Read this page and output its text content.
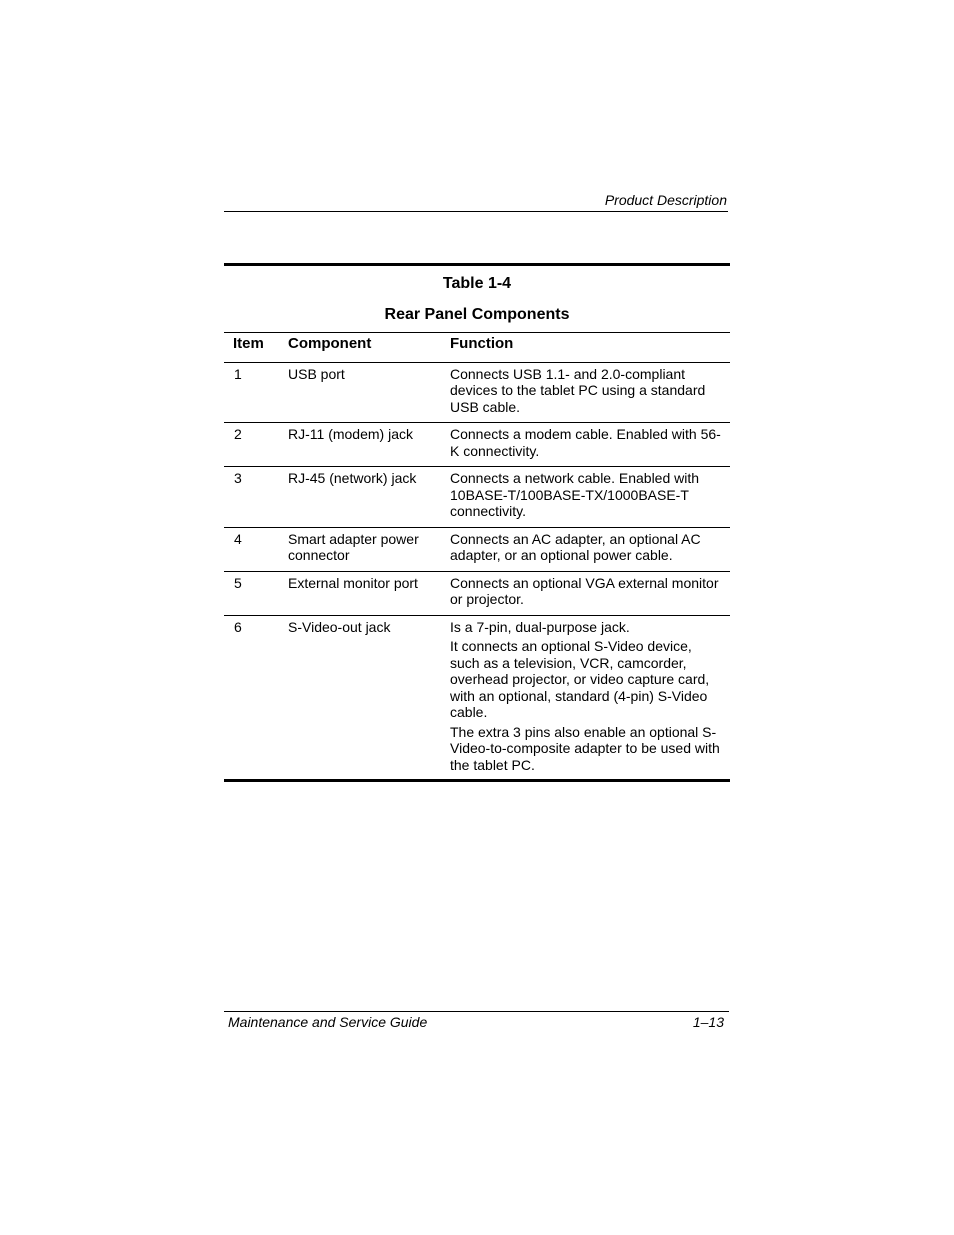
Product Description
Table 1-4
Rear Panel Components
Item	Component	Function
1	USB port	Connects USB 1.1- and 2.0-compliant devices to the tablet PC using a standard USB cable.

2	RJ-11 (modem) jack	Connects a modem cable. Enabled with 56-K connectivity.

3	RJ-45 (network) jack	Connects a network cable. Enabled with 10BASE-T/100BASE-TX/1000BASE-T connectivity.

4	Smart adapter power connector	Connects an AC adapter, an optional AC adapter, or an optional power cable.

5	External monitor port	Connects an optional VGA external monitor or projector.

6	S-Video-out jack	Is a 7-pin, dual-purpose jack.
It connects an optional S-Video device, such as a television, VCR, camcorder, overhead projector, or video capture card, with an optional, standard (4-pin) S-Video cable.
The extra 3 pins also enable an optional S-Video-to-composite adapter to be used with the tablet PC.
Maintenance and Service Guide	1–13
